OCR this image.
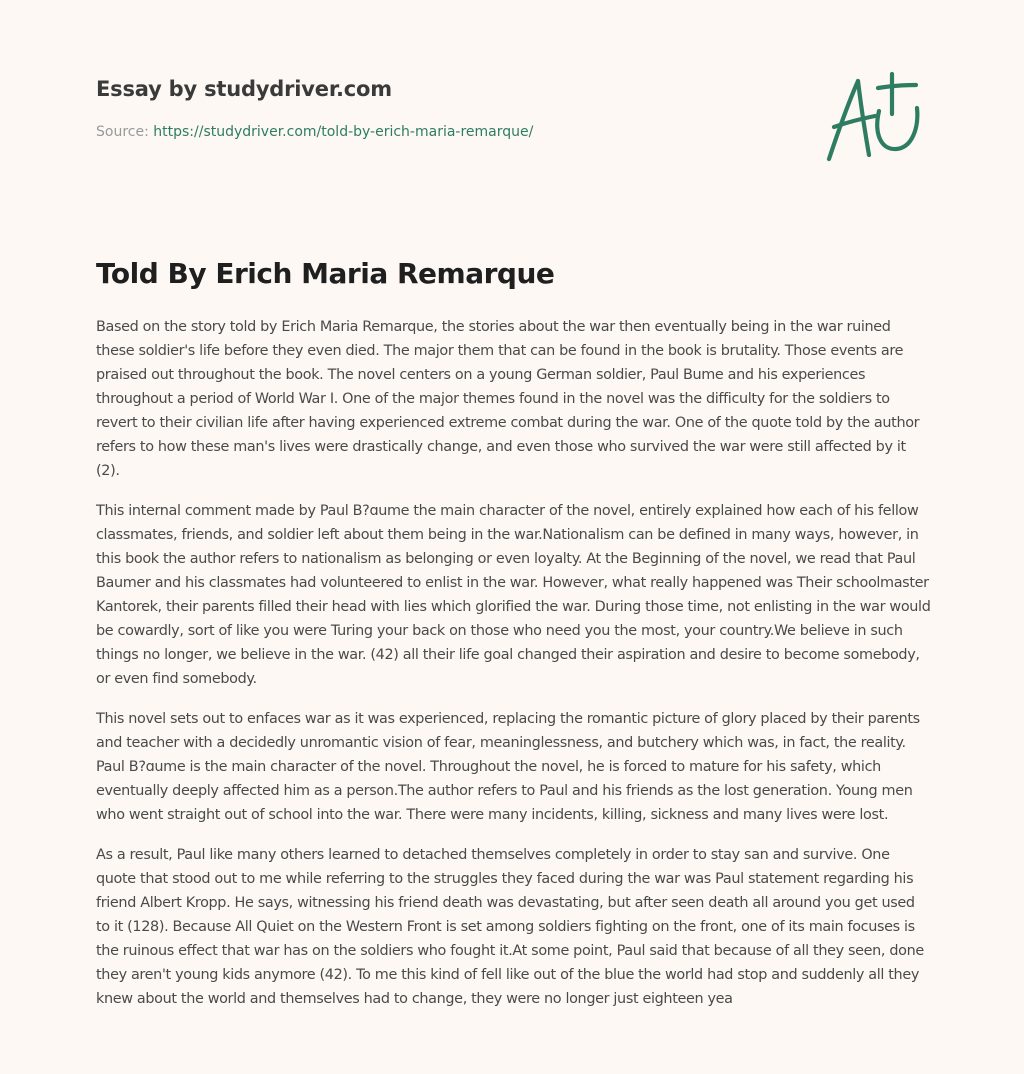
Essay by studydriver.com
Source: https://studydriver.com/told-by-erich-maria-remarque/
Told By Erich Maria Remarque

Based on the story told by Erich Maria Remarque, the stories about the war then eventually being in the war ruined these soldier's life before they even died. The major them that can be found in the book is brutality. Those events are praised out throughout the book. The novel centers on a young German soldier, Paul Bume and his experiences throughout a period of World War I. One of the major themes found in the novel was the difficulty for the soldiers to revert to their civilian life after having experienced extreme combat during the war. One of the quote told by the author refers to how these man's lives were drastically change, and even those who survived the war were still affected by it (2).

This internal comment made by Paul B?ɑume the main character of the novel, entirely explained how each of his fellow classmates, friends, and soldier left about them being in the war.Nationalism can be defined in many ways, however, in this book the author refers to nationalism as belonging or even loyalty. At the Beginning of the novel, we read that Paul Baumer and his classmates had volunteered to enlist in the war. However, what really happened was Their schoolmaster Kantorek, their parents filled their head with lies which glorified the war. During those time, not enlisting in the war would be cowardly, sort of like you were Turing your back on those who need you the most, your country.We believe in such things no longer, we believe in the war. (42) all their life goal changed their aspiration and desire to become somebody, or even find somebody.

This novel sets out to enfaces war as it was experienced, replacing the romantic picture of glory placed by their parents and teacher with a decidedly unromantic vision of fear, meaninglessness, and butchery which was, in fact, the reality. Paul B?ɑume is the main character of the novel. Throughout the novel, he is forced to mature for his safety, which eventually deeply affected him as a person.The author refers to Paul and his friends as the lost generation. Young men who went straight out of school into the war. There were many incidents, killing, sickness and many lives were lost.

As a result, Paul like many others learned to detached themselves completely in order to stay san and survive. One quote that stood out to me while referring to the struggles they faced during the war was Paul statement regarding his friend Albert Kropp. He says, witnessing his friend death was devastating, but after seen death all around you get used to it (128). Because All Quiet on the Western Front is set among soldiers fighting on the front, one of its main focuses is the ruinous effect that war has on the soldiers who fought it.At some point, Paul said that because of all they seen, done they aren't young kids anymore (42). To me this kind of fell like out of the blue the world had stop and suddenly all they knew about the world and themselves had to change, they were no longer just eighteen yea
